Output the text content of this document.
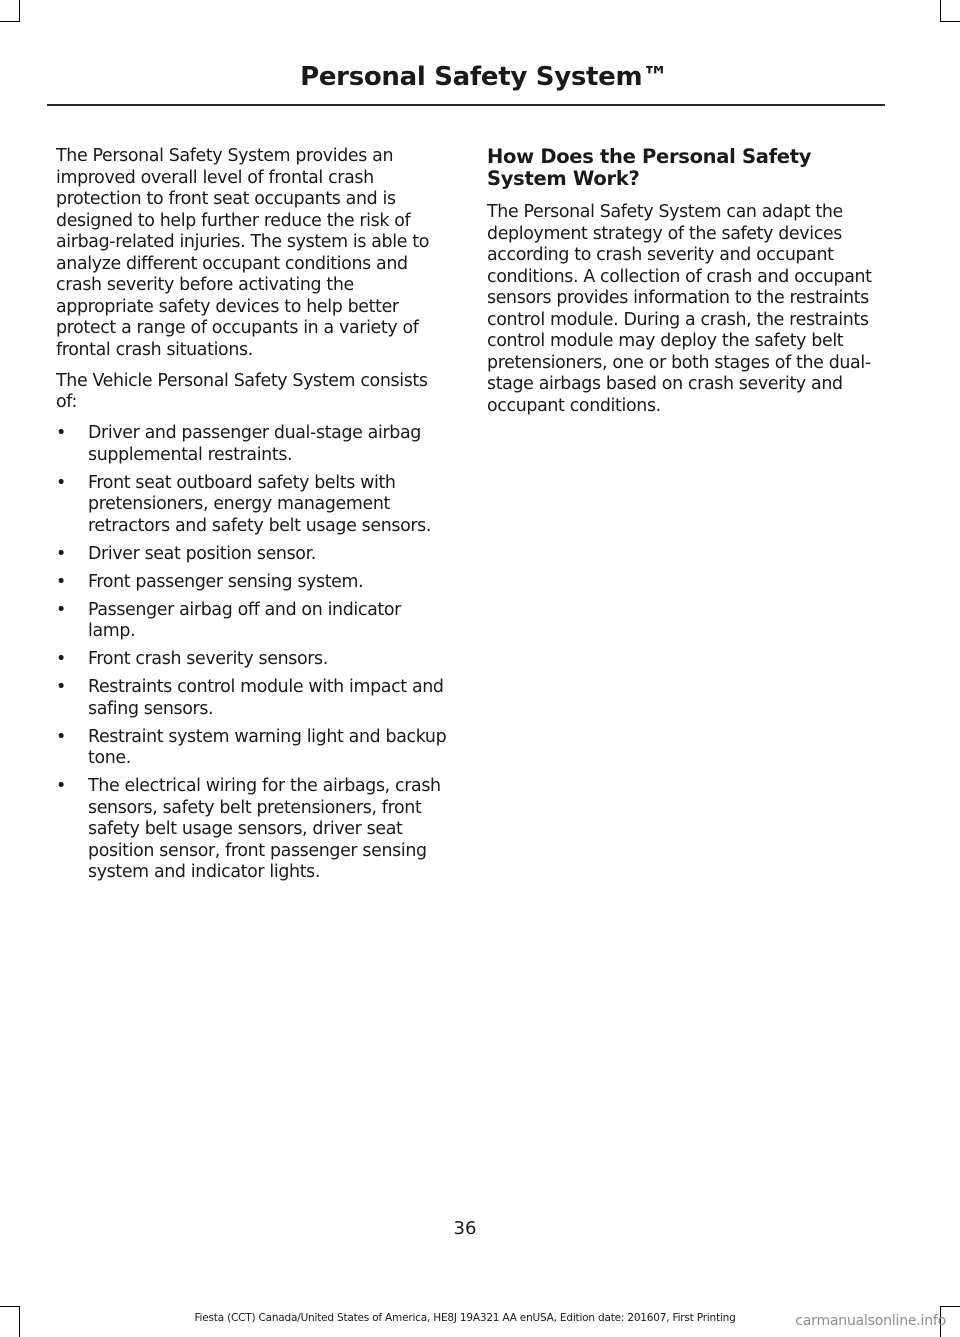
Personal Safety System™

The Personal Safety System provides an improved overall level of frontal crash protection to front seat occupants and is designed to help further reduce the risk of airbag-related injuries. The system is able to analyze different occupant conditions and crash severity before activating the appropriate safety devices to help better protect a range of occupants in a variety of frontal crash situations.

The Vehicle Personal Safety System consists of:

• Driver and passenger dual-stage airbag supplemental restraints.
• Front seat outboard safety belts with pretensioners, energy management retractors and safety belt usage sensors.
• Driver seat position sensor.
• Front passenger sensing system.
• Passenger airbag off and on indicator lamp.
• Front crash severity sensors.
• Restraints control module with impact and safing sensors.
• Restraint system warning light and backup tone.
• The electrical wiring for the airbags, crash sensors, safety belt pretensioners, front safety belt usage sensors, driver seat position sensor, front passenger sensing system and indicator lights.
How Does the Personal Safety System Work?

The Personal Safety System can adapt the deployment strategy of the safety devices according to crash severity and occupant conditions. A collection of crash and occupant sensors provides information to the restraints control module. During a crash, the restraints control module may deploy the safety belt pretensioners, one or both stages of the dual-stage airbags based on crash severity and occupant conditions.

36
Fiesta (CCT) Canada/United States of America, HE8J 19A321 AA enUSA, Edition date: 201607, First Printing	carmanualsonline.info
